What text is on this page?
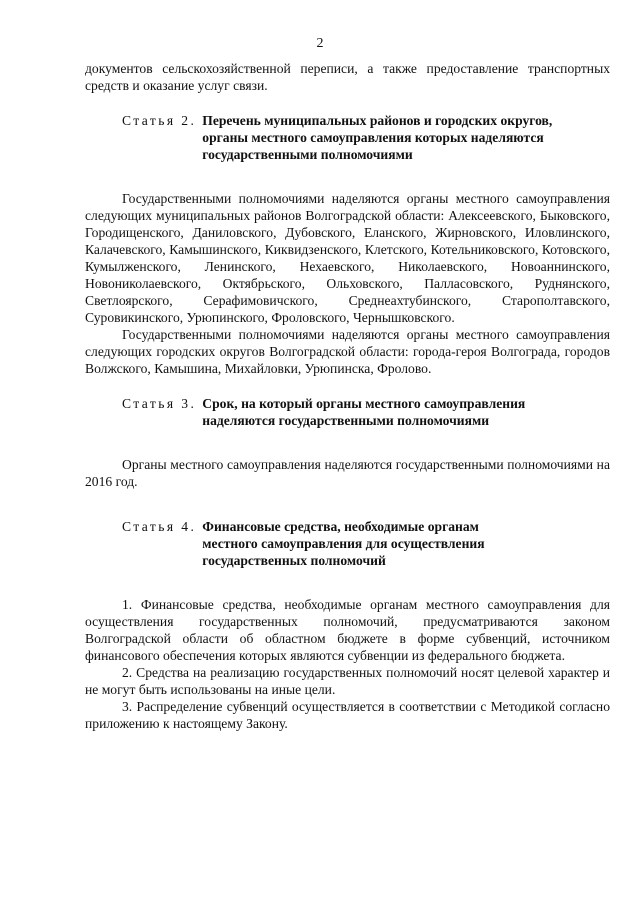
2

документов сельскохозяйственной переписи, а также предоставление транспортных средств и оказание услуг связи.

Статья 2. Перечень муниципальных районов и городских округов,
органы местного самоуправления которых наделяются
государственными полномочиями

Государственными полномочиями наделяются органы местного самоуправления следующих муниципальных районов Волгоградской области: Алексеевского, Быковского, Городищенского, Даниловского, Дубовского, Еланского, Жирновского, Иловлинского, Калачевского, Камышинского, Киквидзенского, Клетского, Котельниковского, Котовского, Кумылженского, Ленинского, Нехаевского, Николаевского, Новоаннинского, Новониколаевского, Октябрьского, Ольховского, Палласовского, Руднянского, Светлоярского, Серафимовичского, Среднеахтубинского, Старополтавского, Суровикинского, Урюпинского, Фроловского, Чернышковского.

Государственными полномочиями наделяются органы местного самоуправления следующих городских округов Волгоградской области: города-героя Волгограда, городов Волжского, Камышина, Михайловки, Урюпинска, Фролово.

Статья 3. Срок, на который органы местного самоуправления
наделяются государственными полномочиями

Органы местного самоуправления наделяются государственными полномочиями на 2016 год.

Статья 4. Финансовые средства, необходимые органам
местного самоуправления для осуществления
государственных полномочий

1. Финансовые средства, необходимые органам местного самоуправления для осуществления государственных полномочий, предусматриваются законом Волгоградской области об областном бюджете в форме субвенций, источником финансового обеспечения которых являются субвенции из федерального бюджета.

2. Средства на реализацию государственных полномочий носят целевой характер и не могут быть использованы на иные цели.

3. Распределение субвенций осуществляется в соответствии с Методикой согласно приложению к настоящему Закону.
